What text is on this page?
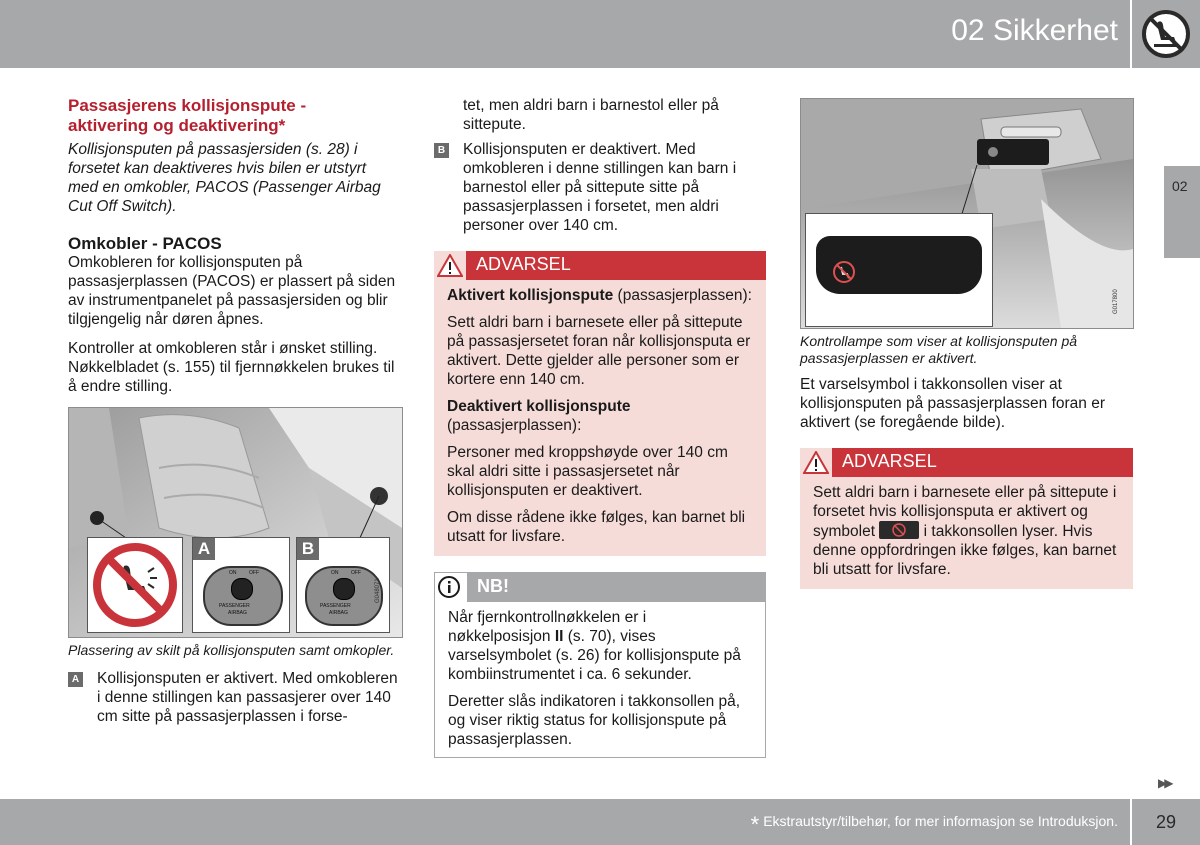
02 Sikkerhet
02
Passasjerens kollisjonspute -
aktivering og deaktivering*

Kollisjonsputen på passasjersiden (s. 28) i forsetet kan deaktiveres hvis bilen er utstyrt med en omkobler, PACOS (Passenger Airbag Cut Off Switch).

Omkobler - PACOS

Omkobleren for kollisjonsputen på passasjerplassen (PACOS) er plassert på siden av instrumentpanelet på passasjersiden og blir tilgjengelig når døren åpnes.

Kontroller at omkobleren står i ønsket stilling. Nøkkelbladet (s. 155) til fjernnøkkelen brukes til å endre stilling.

A
ON	OFF
PASSENGER
AIRBAG
B
ON	OFF
PASSENGER
AIRBAG
G048071

Plassering av skilt på kollisjonsputen samt omkopler.

A Kollisjonsputen er aktivert. Med omkobleren i denne stillingen kan passasjerer over 140 cm sitte på passasjerplassen i forse-

tet, men aldri barn i barnestol eller på sittepute.

B Kollisjonsputen er deaktivert. Med omkobleren i denne stillingen kan barn i barnestol eller på sittepute sitte på passasjerplassen i forsetet, men aldri personer over 140 cm.
ADVARSEL

Aktivert kollisjonspute (passasjerplassen):

Sett aldri barn i barnesete eller på sittepute på passasjersetet foran når kollisjonsputa er aktivert. Dette gjelder alle personer som er kortere enn 140 cm.

Deaktivert kollisjonspute (passasjerplassen):

Personer med kroppshøyde over 140 cm skal aldri sitte i passasjersetet når kollisjonsputen er deaktivert.

Om disse rådene ikke følges, kan barnet bli utsatt for livsfare.

NB!

Når fjernkontrollnøkkelen er i nøkkelposisjon II (s. 70), vises varselsymbolet (s. 26) for kollisjonspute på kombiinstrumentet i ca. 6 sekunder.

Deretter slås indikatoren i takkonsollen på, og viser riktig status for kollisjonspute på passasjerplassen.

G017800

Kontrollampe som viser at kollisjonsputen på passasjerplassen er aktivert.

Et varselsymbol i takkonsollen viser at kollisjonsputen på passasjerplassen foran er aktivert (se foregående bilde).

ADVARSEL

Sett aldri barn i barnesete eller på sittepute i forsetet hvis kollisjonsputa er aktivert og symbolet	i takkonsollen lyser. Hvis denne oppfordringen ikke følges, kan barnet bli utsatt for livsfare.

▶▶
* Ekstrautstyr/tilbehør, for mer informasjon se Introduksjon.	29
